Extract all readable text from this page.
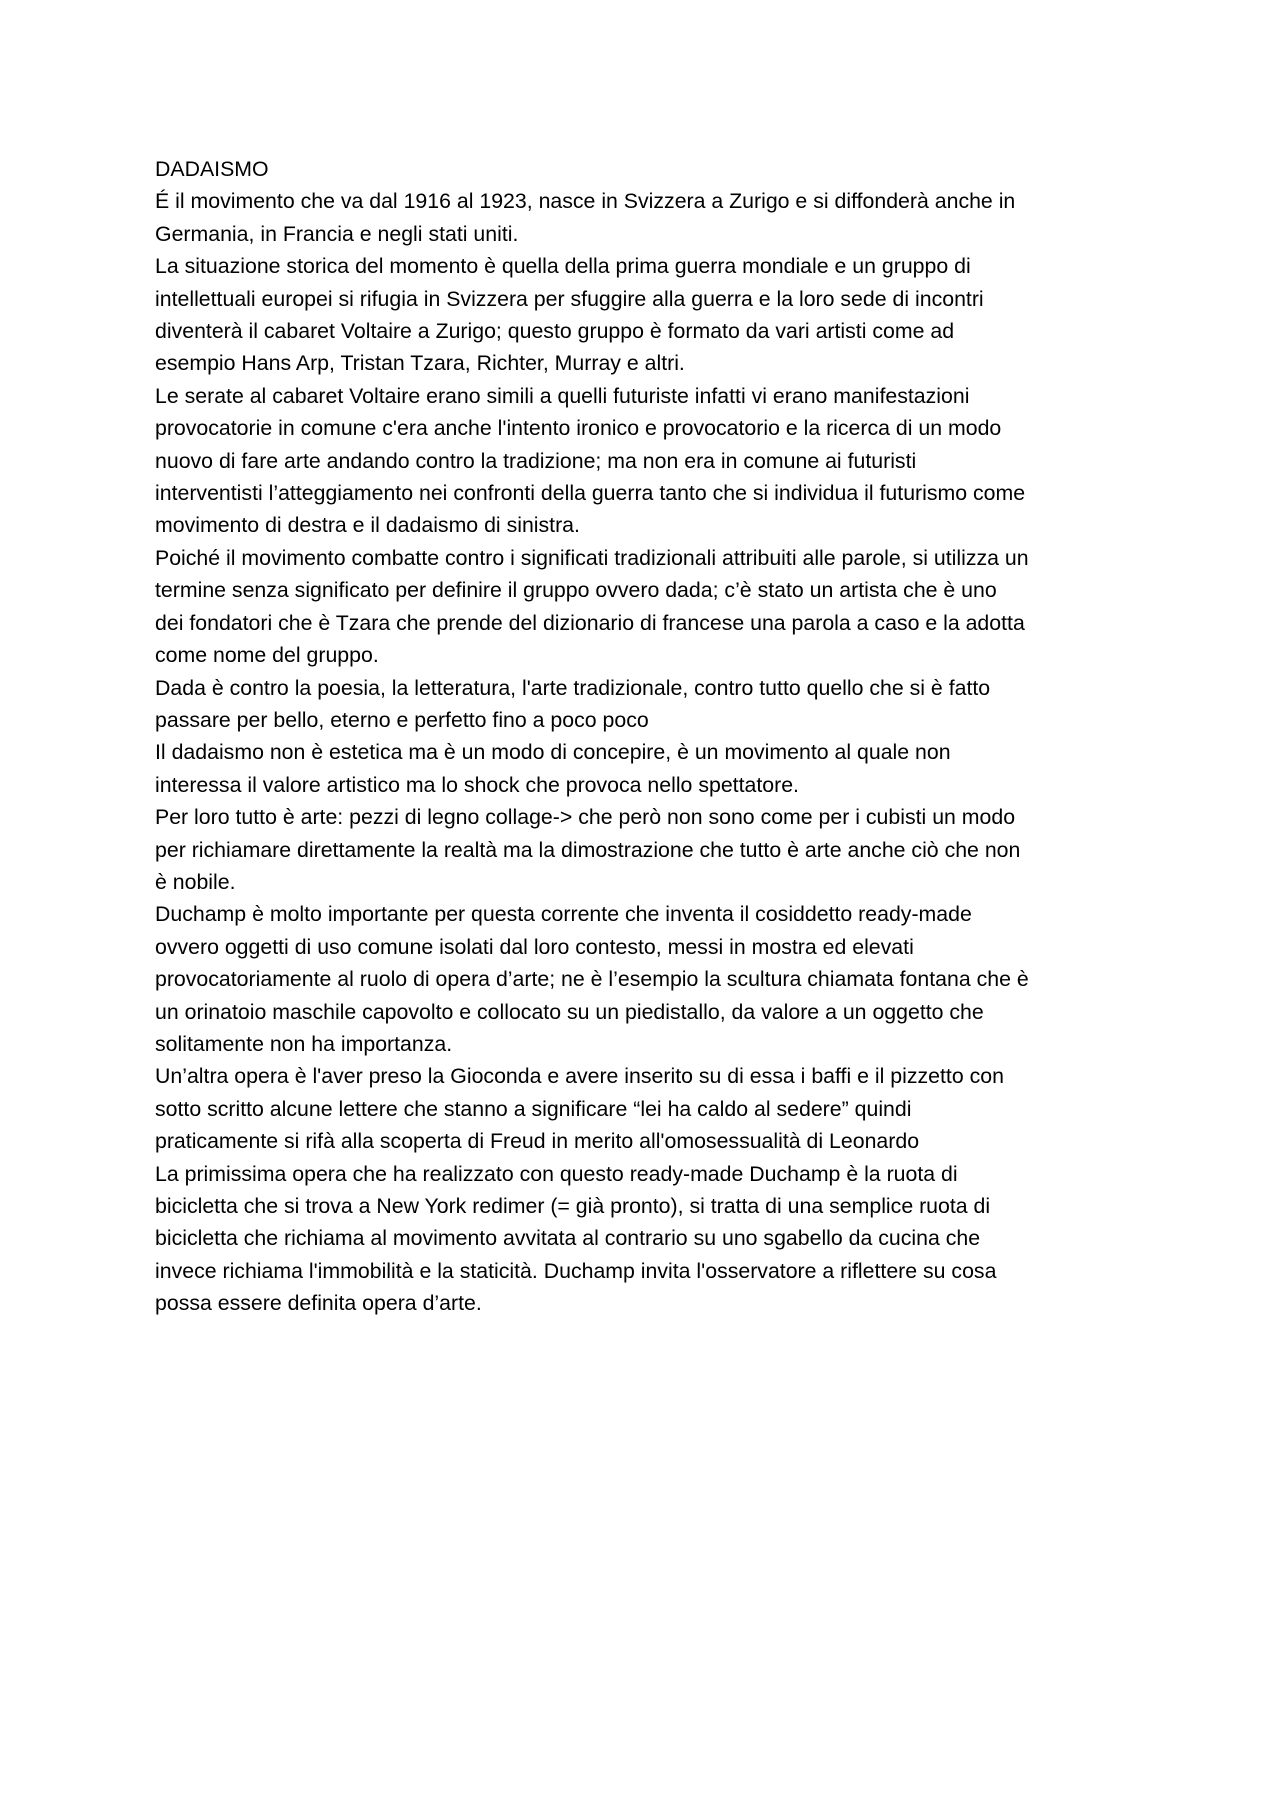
DADAISMO
É il movimento che va dal 1916 al 1923, nasce in Svizzera a Zurigo e si diffonderà anche in
Germania, in Francia e negli stati uniti.
La situazione storica del momento è quella della prima guerra mondiale e un gruppo di
intellettuali europei si rifugia in Svizzera per sfuggire alla guerra e la loro sede di incontri
diventerà il cabaret Voltaire a Zurigo; questo gruppo è formato da vari artisti come ad
esempio Hans Arp, Tristan Tzara, Richter, Murray e altri.
Le serate al cabaret Voltaire erano simili a quelli futuriste infatti vi erano manifestazioni
provocatorie in comune c'era anche l'intento ironico e provocatorio e la ricerca di un modo
nuovo di fare arte andando contro la tradizione; ma non era in comune ai futuristi
interventisti l’atteggiamento nei confronti della guerra tanto che si individua il futurismo come
movimento di destra e il dadaismo di sinistra.
Poiché il movimento combatte contro i significati tradizionali attribuiti alle parole, si utilizza un
termine senza significato per definire il gruppo ovvero dada; c’è stato un artista che è uno
dei fondatori che è Tzara che prende del dizionario di francese una parola a caso e la adotta
come nome del gruppo.
Dada è contro la poesia, la letteratura, l'arte tradizionale, contro tutto quello che si è fatto
passare per bello, eterno e perfetto fino a poco poco
Il dadaismo non è estetica ma è un modo di concepire, è un movimento al quale non
interessa il valore artistico ma lo shock che provoca nello spettatore.
Per loro tutto è arte: pezzi di legno collage-> che però non sono come per i cubisti un modo
per richiamare direttamente la realtà ma la dimostrazione che tutto è arte anche ciò che non
è nobile.
Duchamp è molto importante per questa corrente che inventa il cosiddetto ready-made
ovvero oggetti di uso comune isolati dal loro contesto, messi in mostra ed elevati
provocatoriamente al ruolo di opera d’arte; ne è l’esempio la scultura chiamata fontana che è
un orinatoio maschile capovolto e collocato su un piedistallo, da valore a un oggetto che
solitamente non ha importanza.
Un’altra opera è l'aver preso la Gioconda e avere inserito su di essa i baffi e il pizzetto con
sotto scritto alcune lettere che stanno a significare “lei ha caldo al sedere” quindi
praticamente si rifà alla scoperta di Freud in merito all'omosessualità di Leonardo
La primissima opera che ha realizzato con questo ready-made Duchamp è la ruota di
bicicletta che si trova a New York redimer (= già pronto), si tratta di una semplice ruota di
bicicletta che richiama al movimento avvitata al contrario su uno sgabello da cucina che
invece richiama l'immobilità e la staticità. Duchamp invita l'osservatore a riflettere su cosa
possa essere definita opera d’arte.
